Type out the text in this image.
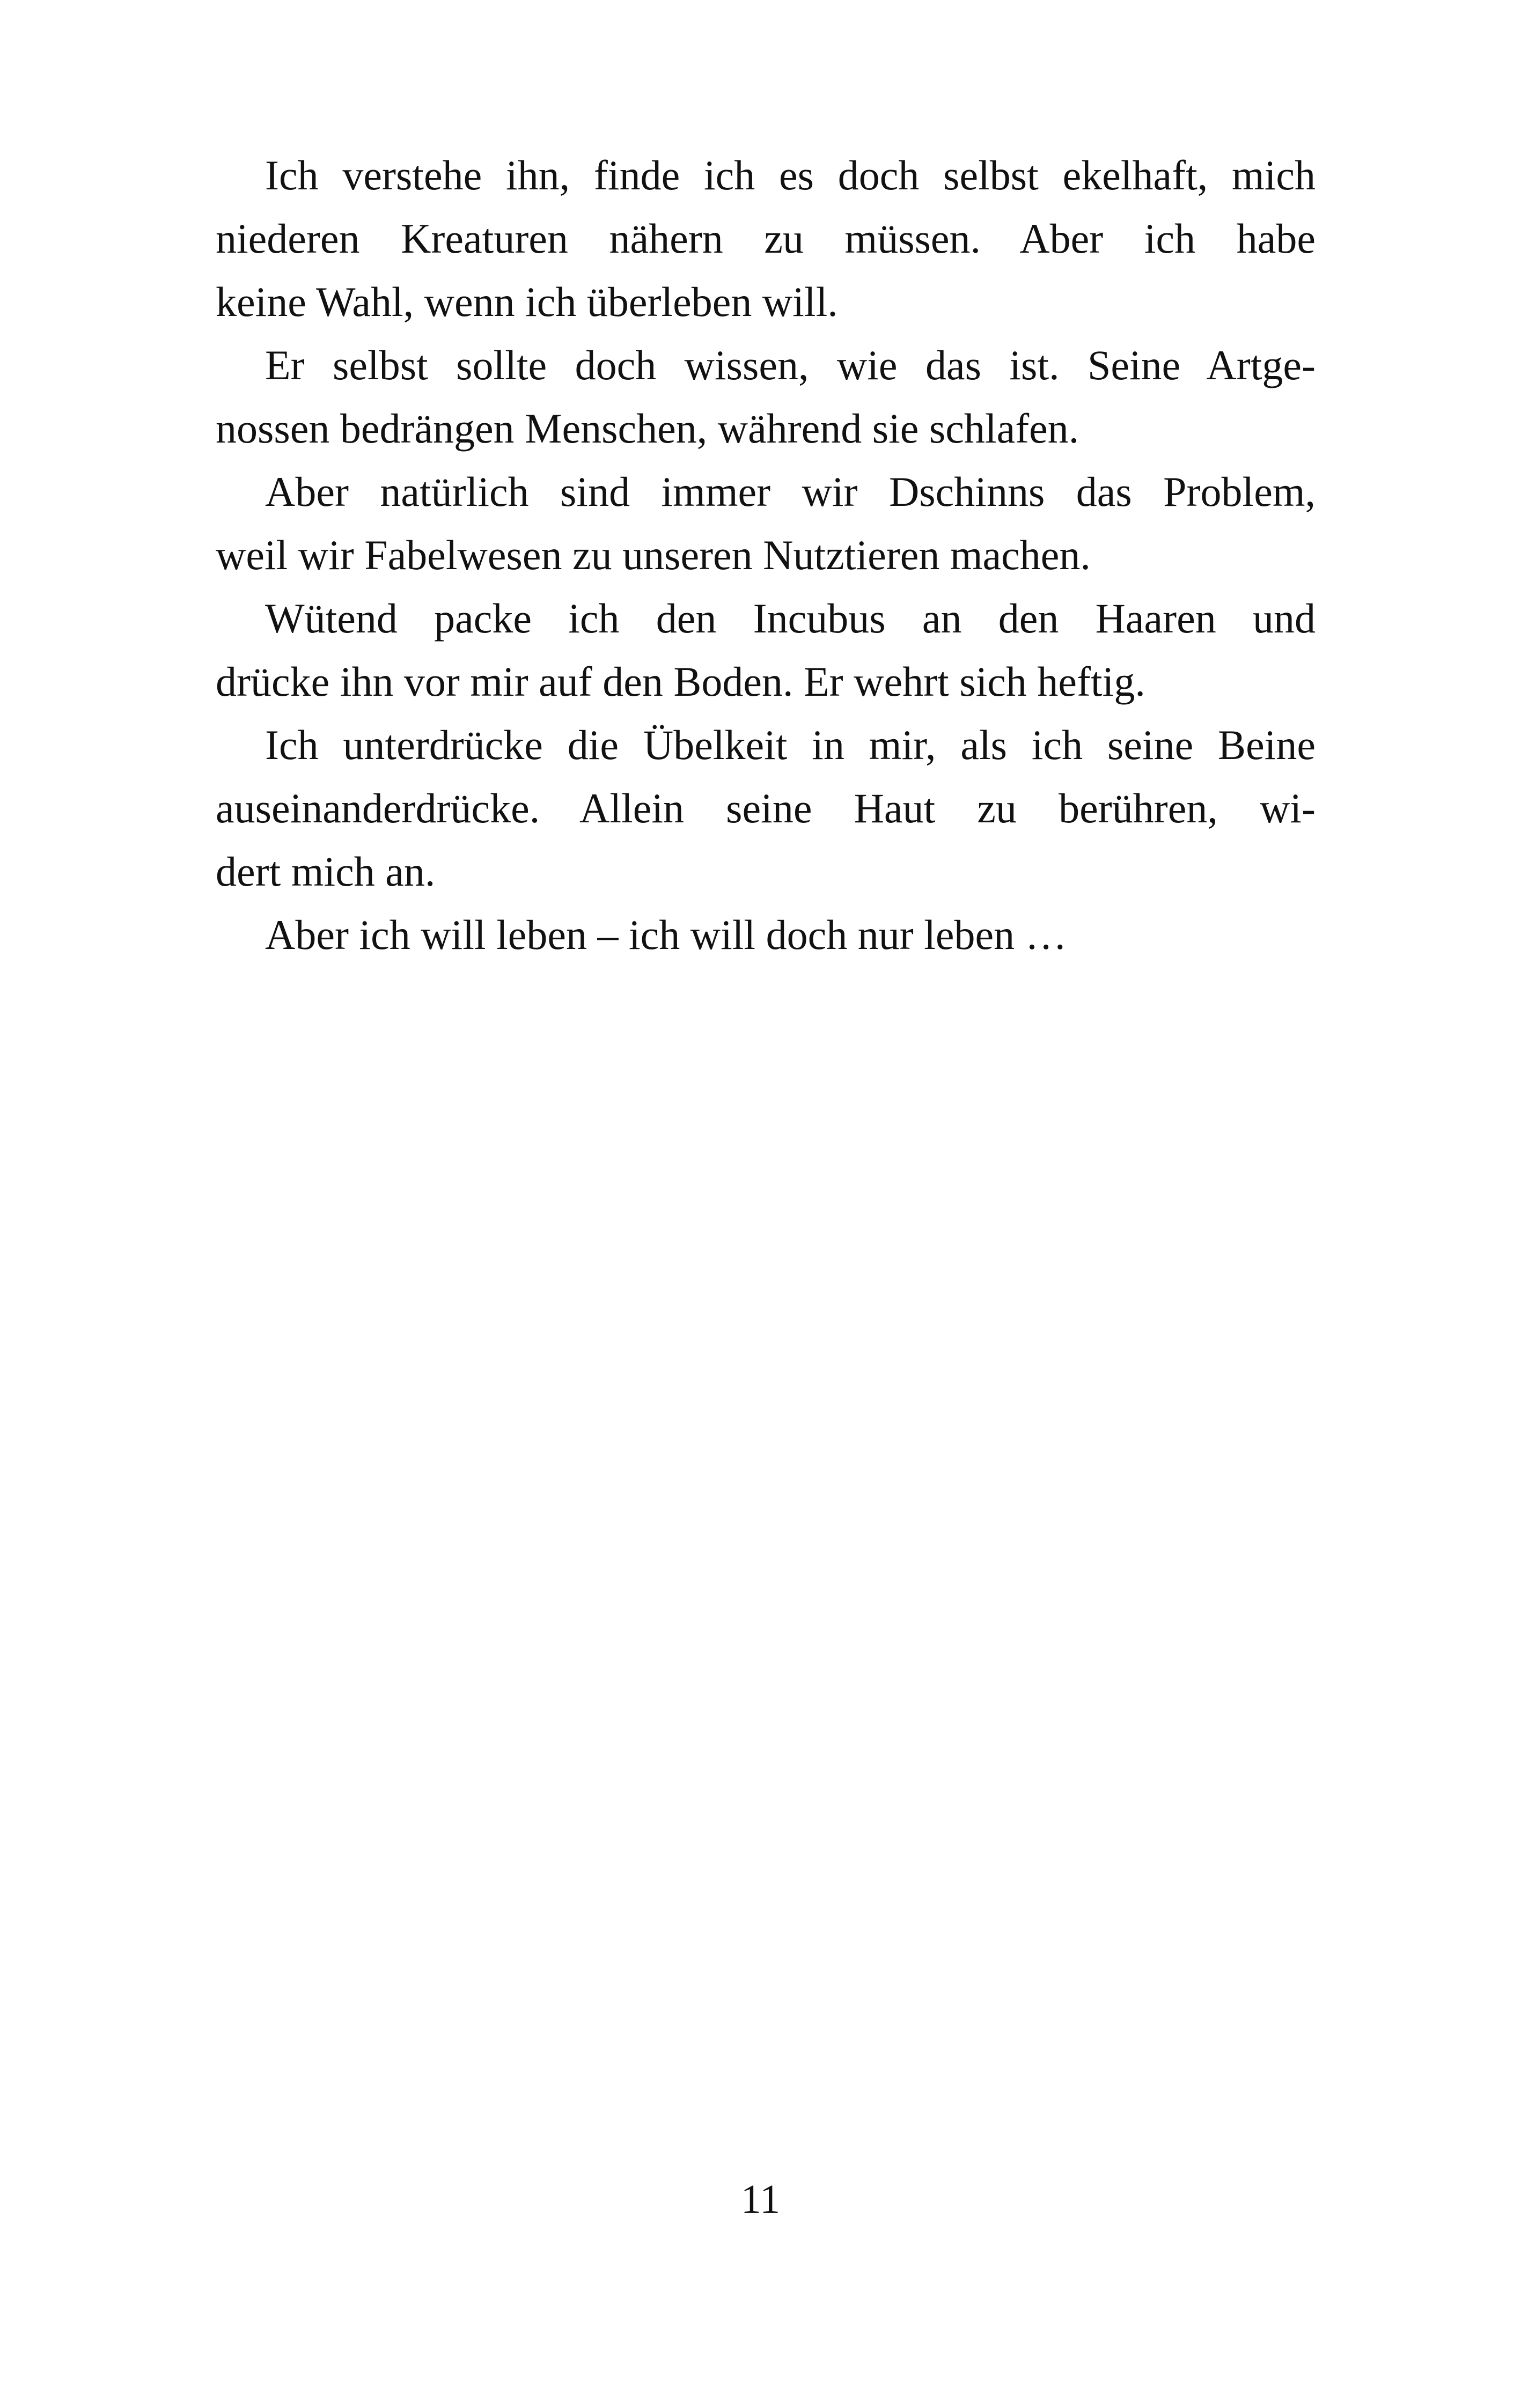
Ich verstehe ihn, finde ich es doch selbst ekelhaft, mich
niederen Kreaturen nähern zu müssen. Aber ich habe
keine Wahl, wenn ich überleben will.
Er selbst sollte doch wissen, wie das ist. Seine Artge-
nossen bedrängen Menschen, während sie schlafen.
Aber natürlich sind immer wir Dschinns das Problem,
weil wir Fabelwesen zu unseren Nutztieren machen.
Wütend packe ich den Incubus an den Haaren und
drücke ihn vor mir auf den Boden. Er wehrt sich heftig.
Ich unterdrücke die Übelkeit in mir, als ich seine Beine
auseinanderdrücke. Allein seine Haut zu berühren, wi-
dert mich an.
Aber ich will leben – ich will doch nur leben …
11
